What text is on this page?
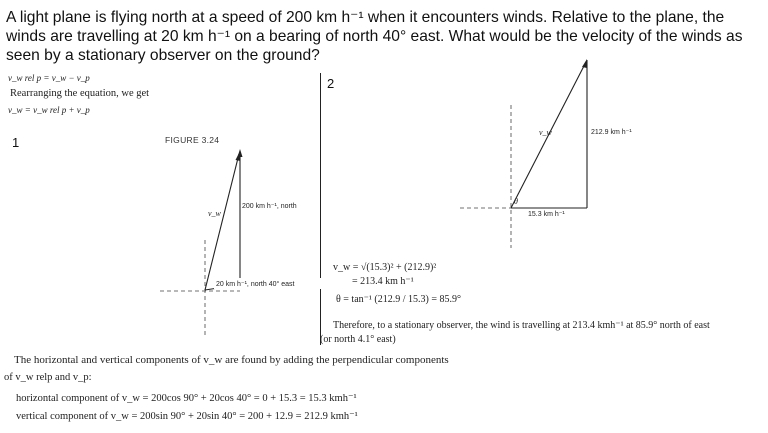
A light plane is flying north at a speed of 200 km h⁻¹ when it encounters winds. Relative to the plane, the winds are travelling at 20 km h⁻¹ on a bearing of north 40° east. What would be the velocity of the winds as seen by a stationary observer on the ground?
v_w rel p = v_w − v_p
Rearranging the equation, we get
v_w = v_w rel p + v_p
1	FIGURE 3.24
2
200 km h⁻¹, north
v_w
20 km h⁻¹, north 40° east
212.9 km h⁻¹
15.3 km h⁻¹
v_w
θ
v_w = √(15.3)² + (212.9)²
= 213.4 km h⁻¹
θ = tan⁻¹ (212.9 / 15.3) = 85.9°
Therefore, to a stationary observer, the wind is travelling at 213.4 kmh⁻¹ at 85.9° north of east
(or north 4.1° east)
The horizontal and vertical components of v_w are found by adding the perpendicular components
of v_w relp and v_p:
horizontal component of v_w = 200cos 90° + 20cos 40° = 0 + 15.3 = 15.3 kmh⁻¹
vertical component of v_w = 200sin 90° + 20sin 40° = 200 + 12.9 = 212.9 kmh⁻¹
